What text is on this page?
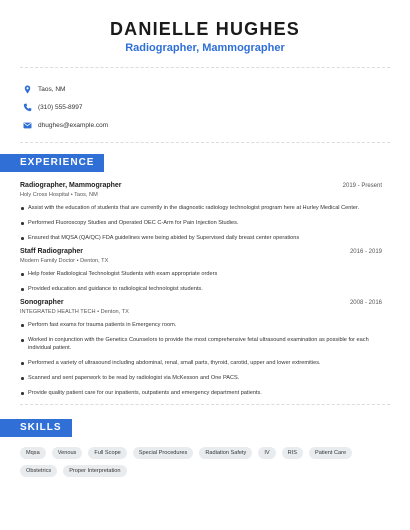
DANIELLE HUGHES
Radiographer, Mammographer
Taos, NM
(310) 555-8997
dhughes@example.com
EXPERIENCE
Radiographer, Mammographer	2019 - Present
Holy Cross Hospital • Taos, NM
Assist with the education of students that are currently in the diagnostic radiology technologist program here at Hurley Medical Center.
Performed Fluoroscopy Studies and Operated OEC C-Arm for Pain Injection Studies.
Ensured that MQSA (QA/QC) FDA guidelines were being abided by Supervised daily breast center operations
Staff Radiographer	2016 - 2019
Modern Family Doctor • Denton, TX
Help foster Radiological Technologist Students with exam appropriate orders
Provided education and guidance to radiological technologist students.
Sonographer	2008 - 2016
INTEGRATED HEALTH TECH • Denton, TX
Perform fast exams for trauma patients in Emergency room.
Worked in conjunction with the Genetics Counselors to provide the most comprehensive fetal ultrasound examination as possible for each individual patient.
Performed a variety of ultrasound including abdominal, renal, small parts, thyroid, carotid, upper and lower extremities.
Scanned and sent paperwork to be read by radiologist via McKesson and One PACS.
Provide quality patient care for our inpatients, outpatients and emergency department patients.
SKILLS
Mqsa	Venous	Full Scope	Special Procedures	Radiation Safety	IV	RIS	Patient Care
Obstetrics	Proper Interpretation
